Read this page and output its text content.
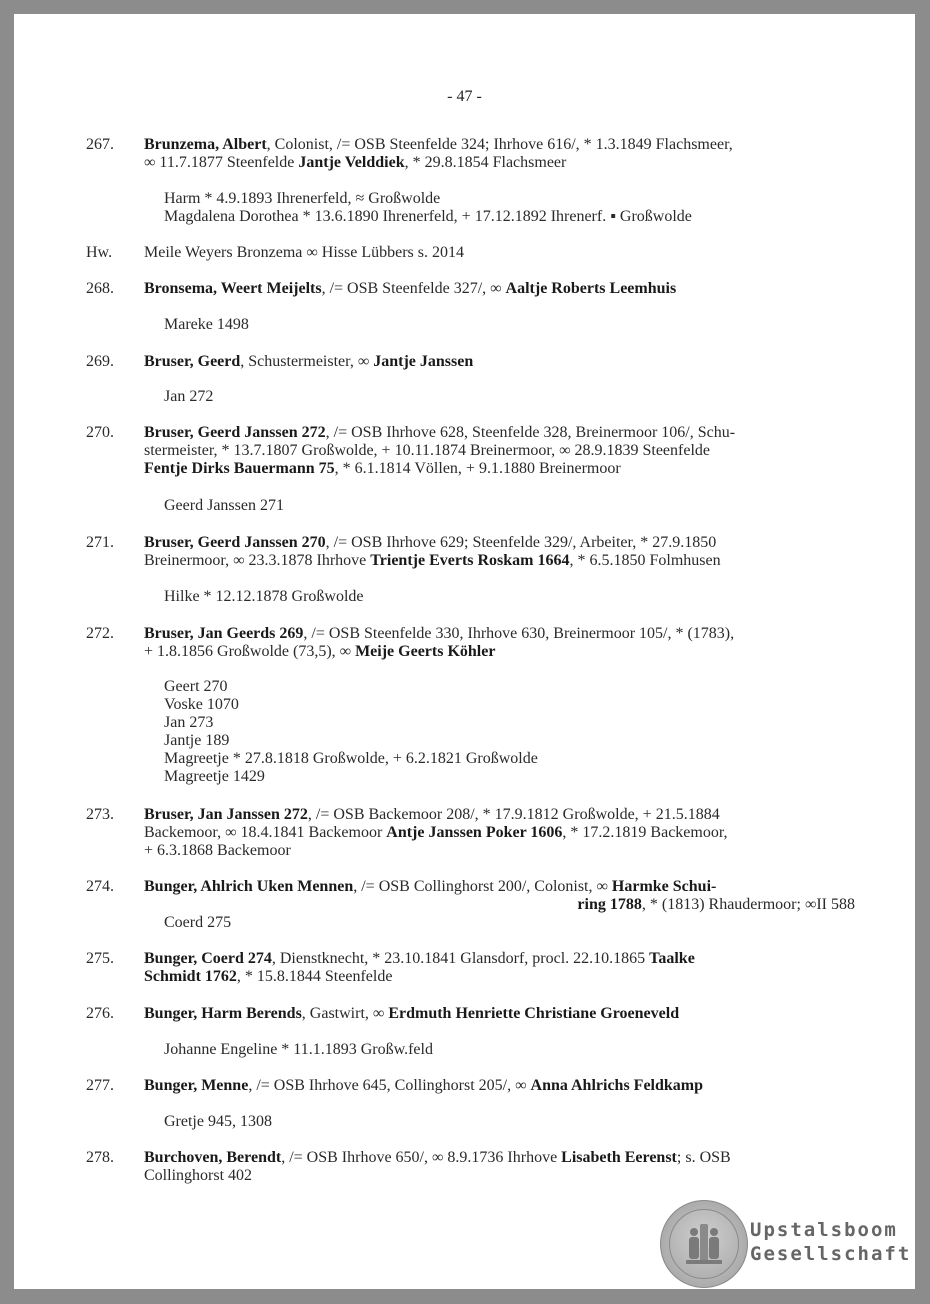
- 47 -
267. Brunzema, Albert, Colonist, /= OSB Steenfelde 324; Ihrhove 616/, * 1.3.1849 Flachsmeer,
∞ 11.7.1877 Steenfelde Jantje Velddiek, * 29.8.1854 Flachsmeer
Harm * 4.9.1893 Ihrenerfeld, ≈ Großwolde
Magdalena Dorothea * 13.6.1890 Ihrenerfeld, + 17.12.1892 Ihrenerf. ▪ Großwolde
Hw. Meile Weyers Bronzema ∞ Hisse Lübbers s. 2014
268. Bronsema, Weert Meijelts, /= OSB Steenfelde 327/, ∞ Aaltje Roberts Leemhuis
Mareke 1498
269. Bruser, Geerd, Schustermeister, ∞ Jantje Janssen
Jan 272
270. Bruser, Geerd Janssen 272, /= OSB Ihrhove 628, Steenfelde 328, Breinermoor 106/, Schu-
stermeister, * 13.7.1807 Großwolde, + 10.11.1874 Breinermoor, ∞ 28.9.1839 Steenfelde
Fentje Dirks Bauermann 75, * 6.1.1814 Völlen, + 9.1.1880 Breinermoor
Geerd Janssen 271
271. Bruser, Geerd Janssen 270, /= OSB Ihrhove 629; Steenfelde 329/, Arbeiter, * 27.9.1850
Breinermoor, ∞ 23.3.1878 Ihrhove Trientje Everts Roskam 1664, * 6.5.1850 Folmhusen
Hilke * 12.12.1878 Großwolde
272. Bruser, Jan Geerds 269, /= OSB Steenfelde 330, Ihrhove 630, Breinermoor 105/, * (1783),
+ 1.8.1856 Großwolde (73,5), ∞ Meije Geerts Köhler
Geert 270
Voske 1070
Jan 273
Jantje 189
Magreetje * 27.8.1818 Großwolde, + 6.2.1821 Großwolde
Magreetje 1429
273. Bruser, Jan Janssen 272, /= OSB Backemoor 208/, * 17.9.1812 Großwolde, + 21.5.1884
Backemoor, ∞ 18.4.1841 Backemoor Antje Janssen Poker 1606, * 17.2.1819 Backemoor,
+ 6.3.1868 Backemoor
274. Bunger, Ahlrich Uken Mennen, /= OSB Collinghorst 200/, Colonist, ∞ Harmke Schui-
ring 1788, * (1813) Rhaudermoor; ∞II 588
Coerd 275
275. Bunger, Coerd 274, Dienstknecht, * 23.10.1841 Glansdorf, procl. 22.10.1865 Taalke
Schmidt 1762, * 15.8.1844 Steenfelde
276. Bunger, Harm Berends, Gastwirt, ∞ Erdmuth Henriette Christiane Groeneveld
Johanne Engeline * 11.1.1893 Großw.feld
277. Bunger, Menne, /= OSB Ihrhove 645, Collinghorst 205/, ∞ Anna Ahlrichs Feldkamp
Gretje 945, 1308
278. Burchoven, Berendt, /= OSB Ihrhove 650/, ∞ 8.9.1736 Ihrhove Lisabeth Eerenst; s. OSB
Collinghorst 402
Upstalsboom
Gesellschaft
